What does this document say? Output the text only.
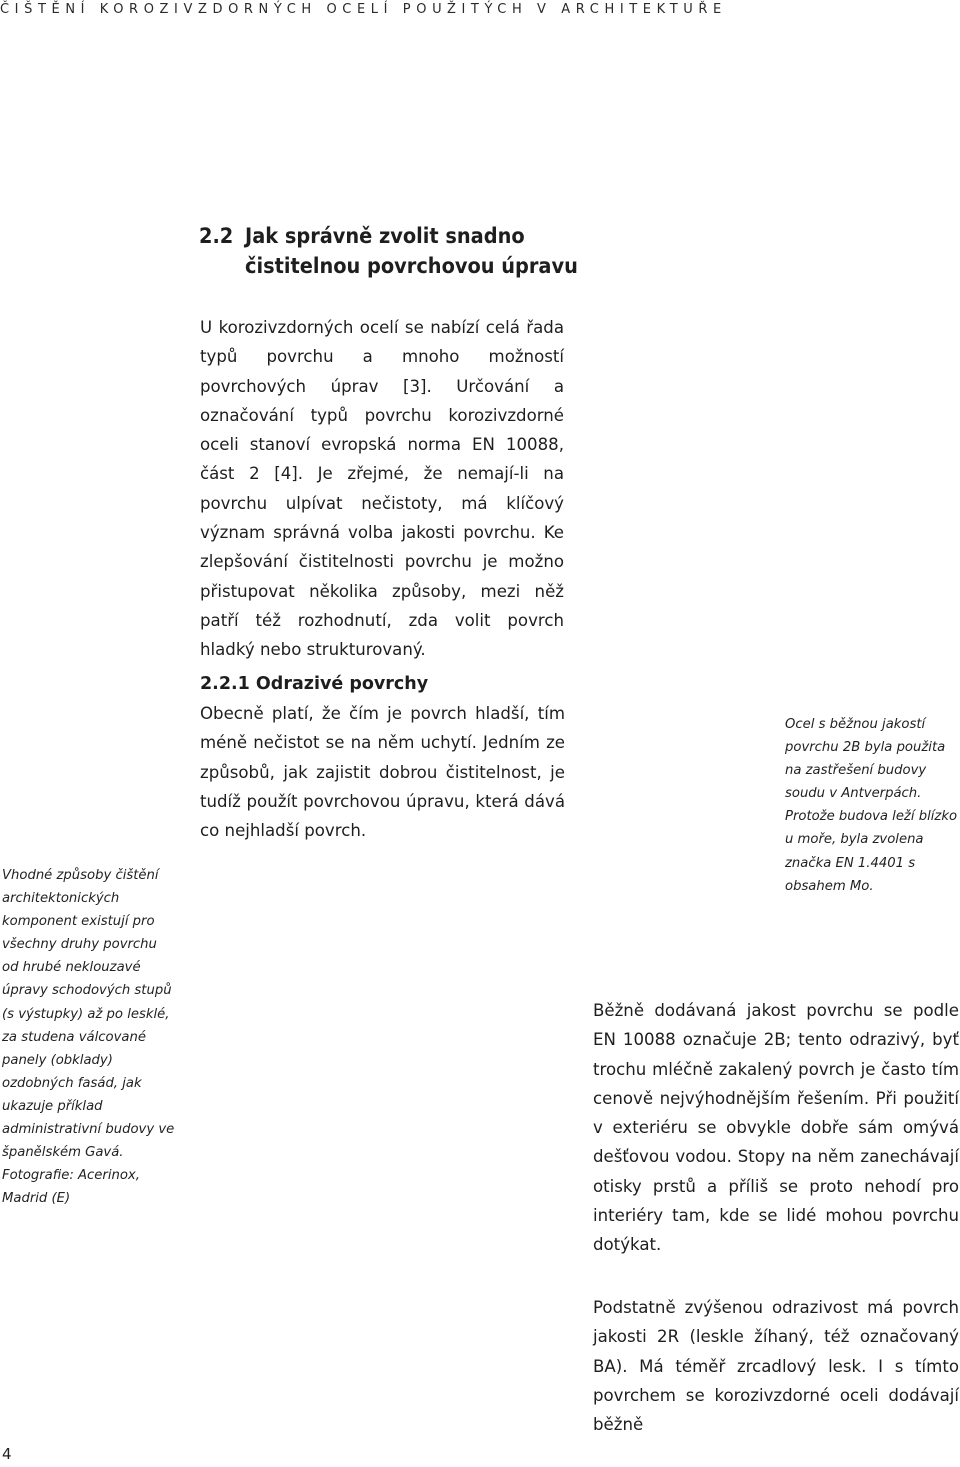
ČIŠTĚNÍ KOROZIVZDORNÝCH OCELÍ POUŽITÝCH V ARCHITEKTUŘE
2.2 Jak správně zvolit snadno
čistitelnou povrchovou úpravu

U korozivzdorných ocelí se nabízí celá řada typů povrchu a mnoho možností povrchových úprav [3]. Určování a označování typů povrchu korozivzdorné oceli stanoví evropská norma EN 10088, část 2 [4]. Je zřejmé, že nemají-li na povrchu ulpívat nečistoty, má klíčový význam správná volba jakosti povrchu. Ke zlepšování čistitelnosti povrchu je možno přistupovat několika způsoby, mezi něž patří též rozhodnutí, zda volit povrch hladký nebo strukturovaný.

2.2.1 Odrazivé povrchy

Obecně platí, že čím je povrch hladší, tím méně nečistot se na něm uchytí. Jedním ze způsobů, jak zajistit dobrou čistitelnost, je tudíž použít povrchovou úpravu, která dává co nejhladší povrch.

Ocel s běžnou jakostí povrchu 2B byla použita na zastřešení budovy soudu v Antverpách. Protože budova leží blízko u moře, byla zvolena značka EN 1.4401 s obsahem Mo.
Vhodné způsoby čištění architektonických komponent existují pro všechny druhy povrchu od hrubé neklouzavé úpravy schodových stupů (s výstupky) až po lesklé, za studena válcované panely (obklady) ozdobných fasád, jak ukazuje příklad administrativní budovy ve španělském Gavá. Fotografie: Acerinox, Madrid (E)

Běžně dodávaná jakost povrchu se podle EN 10088 označuje 2B; tento odrazivý, byť trochu mléčně zakalený povrch je často tím cenově nejvýhodnějším řešením. Při použití v exteriéru se obvykle dobře sám omývá dešťovou vodou. Stopy na něm zanechávají otisky prstů a příliš se proto nehodí pro interiéry tam, kde se lidé mohou povrchu dotýkat.

Podstatně zvýšenou odrazivost má povrch jakosti 2R (leskle žíhaný, též označovaný BA). Má téměř zrcadlový lesk. I s tímto povrchem se korozivzdorné oceli dodávají běžně

4
